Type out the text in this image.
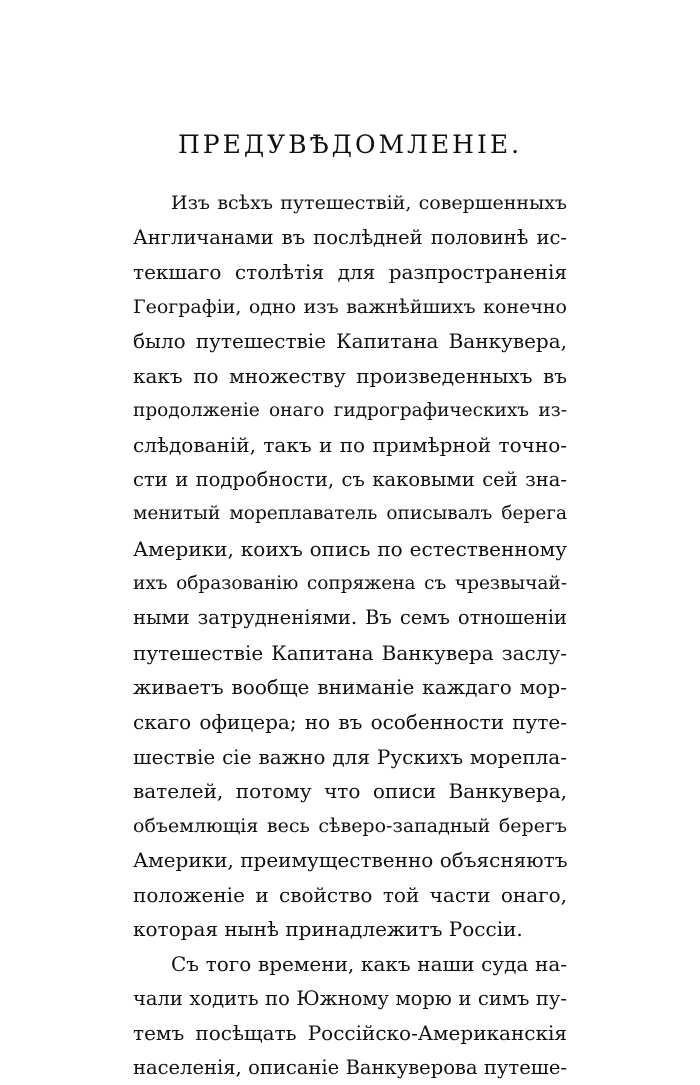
ПРЕДУВѢДОМЛЕНІЕ.
Изъ всѣхъ путешествій, совершенныхъ
Англичанами въ послѣдней половинѣ ис-
текшаго столѣтія для разпространенія
Географіи, одно изъ важнѣйшихъ конечно
было путешествіе Капитана Ванкувера,
какъ по множеству произведенныхъ въ
продолженіе онаго гидрографическихъ из-
слѣдованій, такъ и по примѣрной точно-
сти и подробности, съ каковыми сей зна-
менитый мореплаватель описывалъ берега
Америки, коихъ опись по естественному
ихъ образованію сопряжена съ чрезвычай-
ными затрудненіями. Въ семъ отношеніи
путешествіе Капитана Ванкувера заслу-
живаетъ вообще вниманіе каждаго мор-
скаго офицера; но въ особенности путе-
шествіе сіе важно для Рускихъ морепла-
вателей, потому что описи Ванкувера,
объемлющія весь сѣверо-западный берегъ
Америки, преимущественно объясняютъ
положеніе и свойство той части онаго,
которая нынѣ принадлежитъ Россіи.
Съ того времени, какъ наши суда на-
чали ходить по Южному морю и симъ пу-
темъ посѣщать Россійско-Американскія
населенія, описаніе Ванкуверова путеше-
